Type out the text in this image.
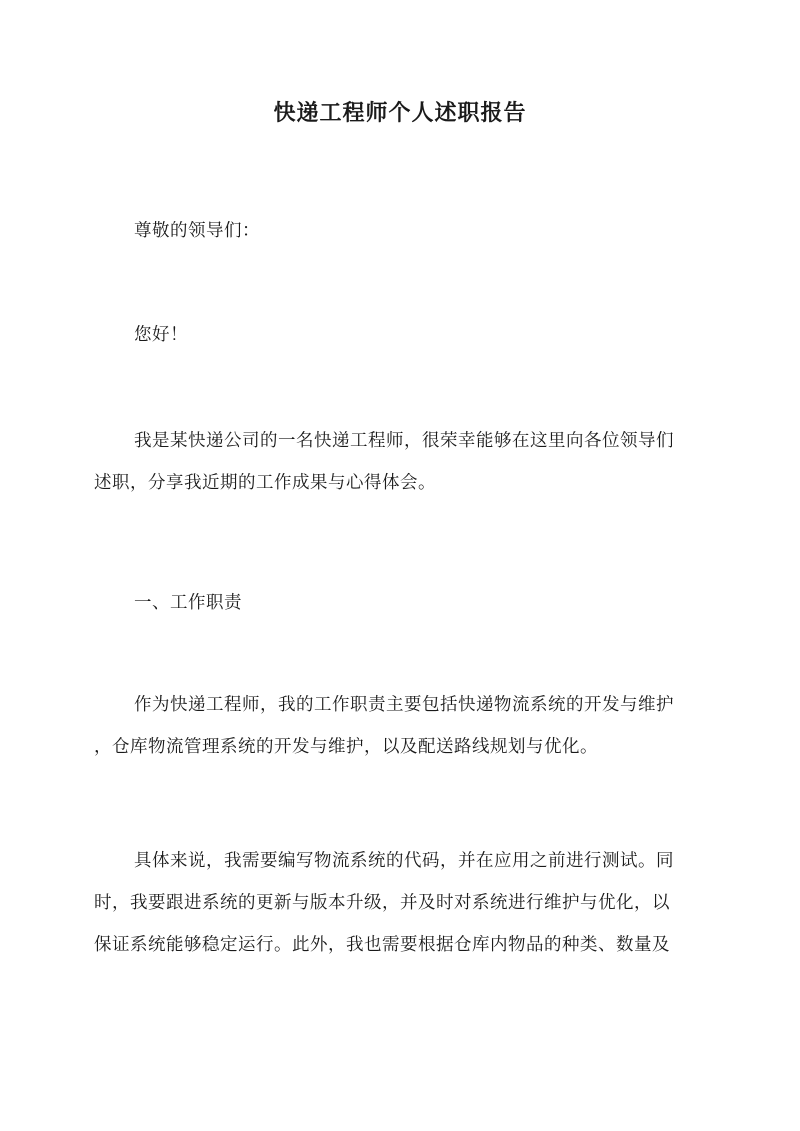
快递工程师个人述职报告

尊敬的领导们：

您好！

我是某快递公司的一名快递工程师，很荣幸能够在这里向各位领导们
述职，分享我近期的工作成果与心得体会。

一、工作职责

作为快递工程师，我的工作职责主要包括快递物流系统的开发与维护
，仓库物流管理系统的开发与维护，以及配送路线规划与优化。

具体来说，我需要编写物流系统的代码，并在应用之前进行测试。同
时，我要跟进系统的更新与版本升级，并及时对系统进行维护与优化，以
保证系统能够稳定运行。此外，我也需要根据仓库内物品的种类、数量及
